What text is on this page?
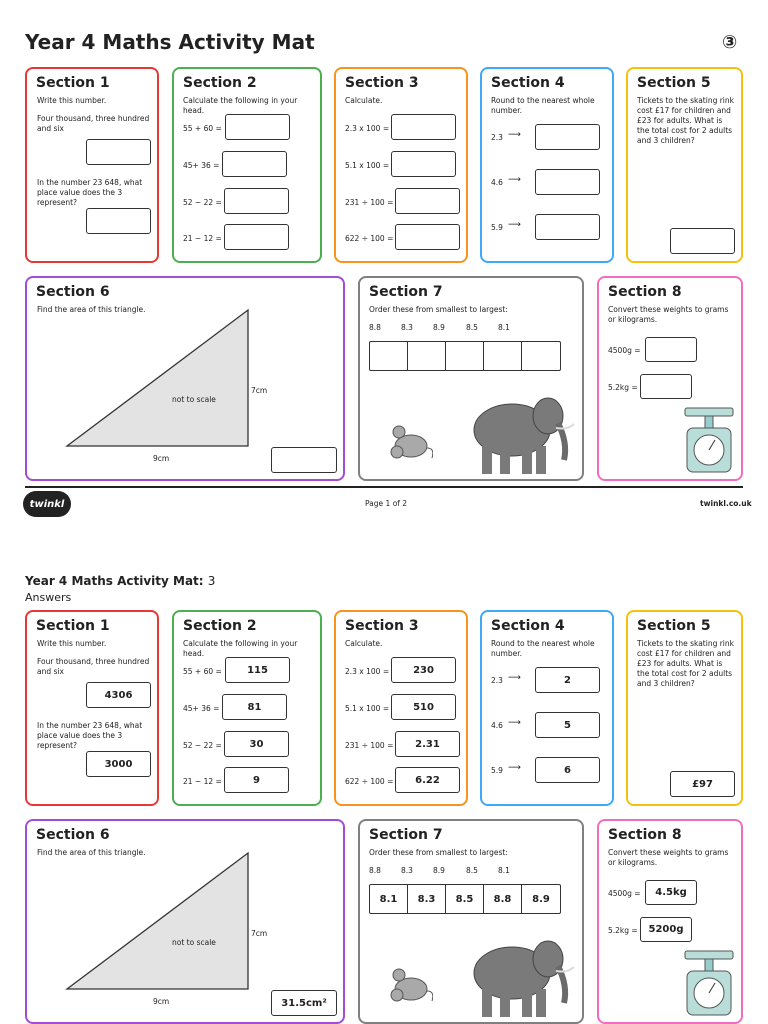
Year 4 Maths Activity Mat	③
Section 1
Write this number.
Four thousand, three hundred and six
In the number 23 648, what place value does the 3 represent?
Section 2
Calculate the following in your head.
55 + 60 =
45+ 36 =
52 − 22 =
21 − 12 =
Section 3
Calculate.
2.3 x 100 =
5.1 x 100 =
231 ÷ 100 =
622 ÷ 100 =
Section 4
Round to the nearest whole number.
2.3 ⟶
4.6 ⟶
5.9 ⟶
Section 5
Tickets to the skating rink cost £17 for children and £23 for adults. What is the total cost for 2 adults and 3 children?
Section 6
Find the area of this triangle.
not to scale
7cm
9cm
Section 7
Order these from smallest to largest:
8.8	8.3	8.9	8.5	8.1
Section 8
Convert these weights to grams or kilograms.
4500g =
5.2kg =
twinkl	Page 1 of 2	twinkl.co.uk
Year 4 Maths Activity Mat: 3
Answers
Section 1
Write this number.
Four thousand, three hundred and six
4306
In the number 23 648, what place value does the 3 represent?
3000
Section 2
Calculate the following in your head.
55 + 60 =	115
45+ 36 =	81
52 − 22 =	30
21 − 12 =	9
Section 3
Calculate.
2.3 x 100 =	230
5.1 x 100 =	510
231 ÷ 100 =	2.31
622 ÷ 100 =	6.22
Section 4
Round to the nearest whole number.
2.3 ⟶	2
4.6 ⟶	5
5.9 ⟶	6
Section 5
Tickets to the skating rink cost £17 for children and £23 for adults. What is the total cost for 2 adults and 3 children?
£97
Section 6
Find the area of this triangle.
not to scale
7cm
9cm	31.5cm²
Section 7
Order these from smallest to largest:
8.8	8.3	8.9	8.5	8.1
8.1	8.3	8.5	8.8	8.9
Section 8
Convert these weights to grams or kilograms.
4500g =	4.5kg
5.2kg =	5200g
